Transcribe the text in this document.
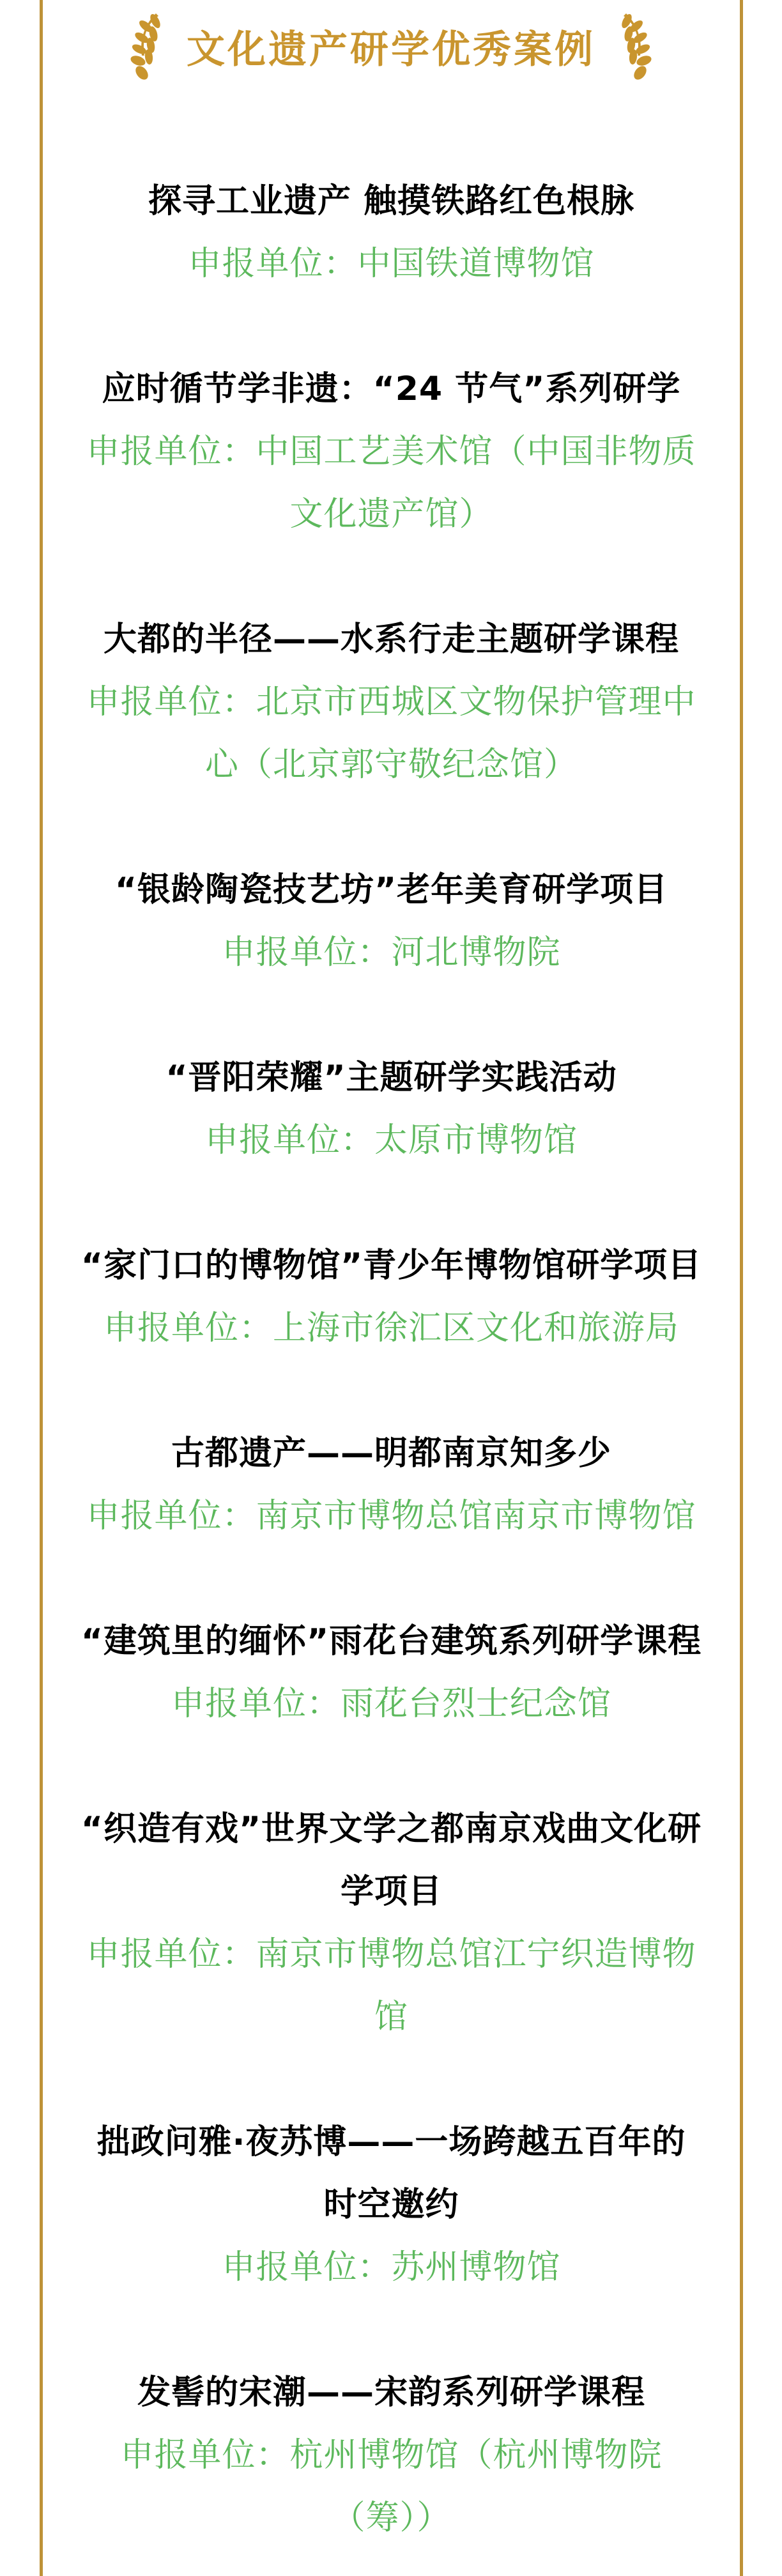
文化遗产研学优秀案例
探寻工业遗产 触摸铁路红色根脉
申报单位：中国铁道博物馆
应时循节学非遗：“24 节气”系列研学
申报单位：中国工艺美术馆（中国非物质
文化遗产馆）
大都的半径——水系行走主题研学课程
申报单位：北京市西城区文物保护管理中
心（北京郭守敬纪念馆）
“银龄陶瓷技艺坊”老年美育研学项目
申报单位：河北博物院
“晋阳荣耀”主题研学实践活动
申报单位：太原市博物馆
“家门口的博物馆”青少年博物馆研学项目
申报单位：上海市徐汇区文化和旅游局
古都遗产——明都南京知多少
申报单位：南京市博物总馆南京市博物馆
“建筑里的缅怀”雨花台建筑系列研学课程
申报单位：雨花台烈士纪念馆
“织造有戏”世界文学之都南京戏曲文化研
学项目
申报单位：南京市博物总馆江宁织造博物
馆
拙政问雅·夜苏博——一场跨越五百年的
时空邀约
申报单位：苏州博物馆
发髻的宋潮——宋韵系列研学课程
申报单位：杭州博物馆（杭州博物院
（筹））
